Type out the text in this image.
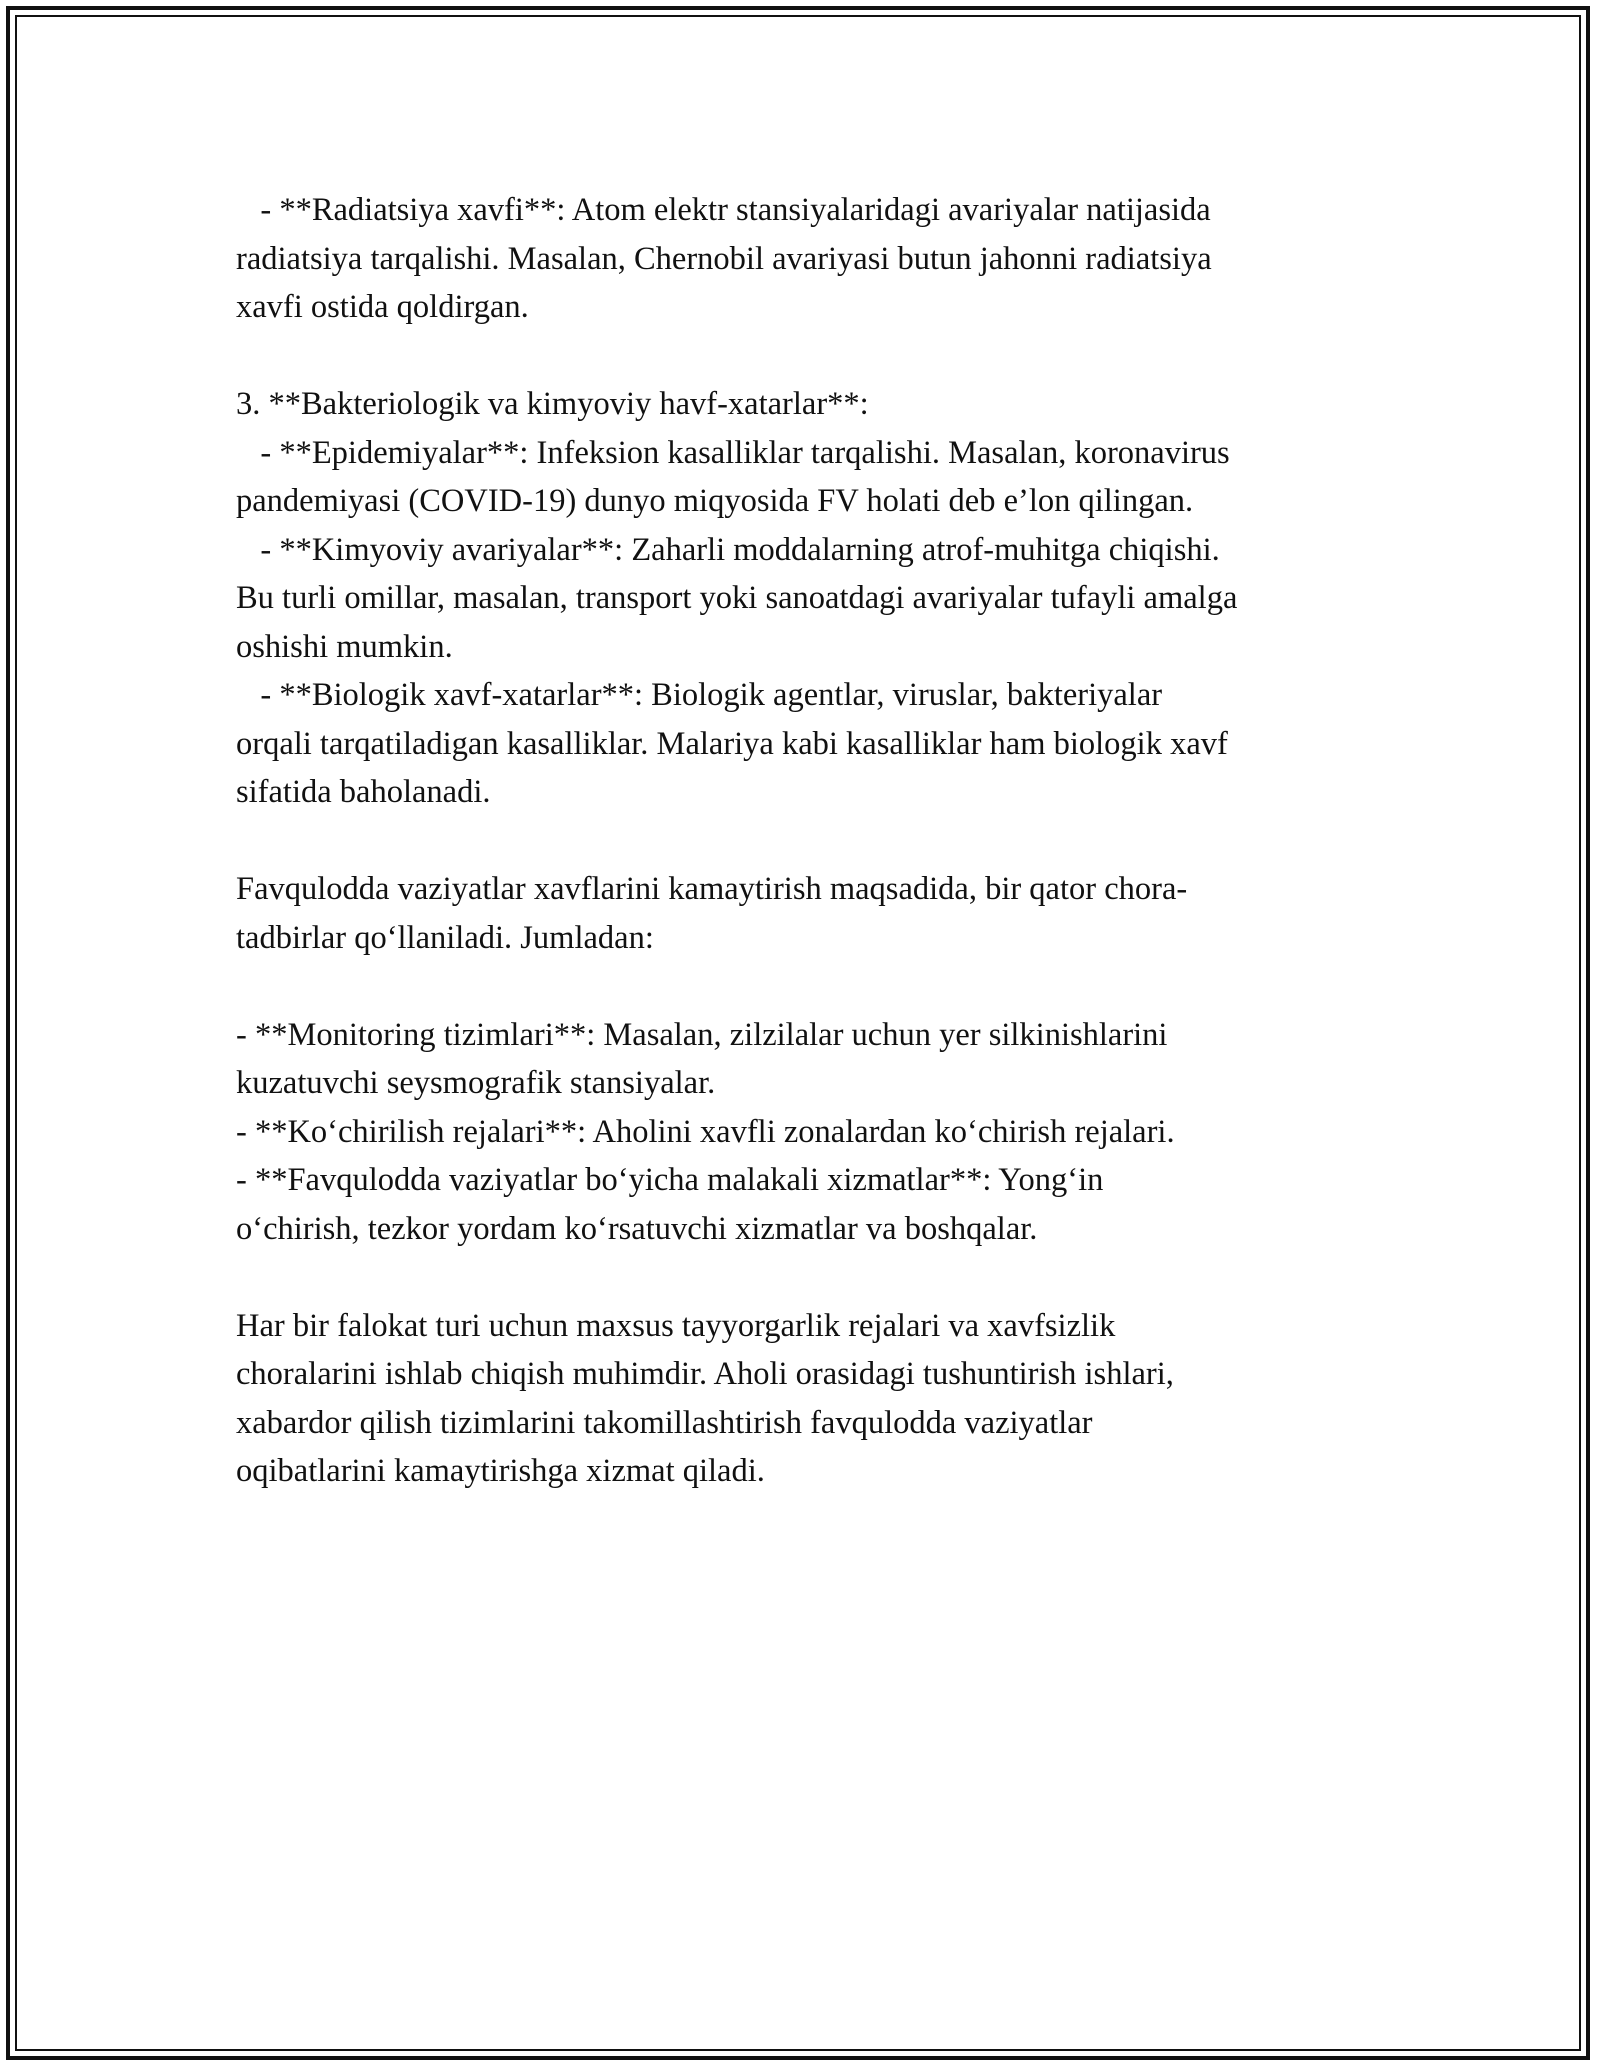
- **Radiatsiya xavfi**: Atom elektr stansiyalaridagi avariyalar natijasida

radiatsiya tarqalishi. Masalan, Chernobil avariyasi butun jahonni radiatsiya

xavfi ostida qoldirgan.

3. **Bakteriologik va kimyoviy havf-xatarlar**:

- **Epidemiyalar**: Infeksion kasalliklar tarqalishi. Masalan, koronavirus

pandemiyasi (COVID-19) dunyo miqyosida FV holati deb e’lon qilingan.

- **Kimyoviy avariyalar**: Zaharli moddalarning atrof-muhitga chiqishi.

Bu turli omillar, masalan, transport yoki sanoatdagi avariyalar tufayli amalga

oshishi mumkin.

- **Biologik xavf-xatarlar**: Biologik agentlar, viruslar, bakteriyalar

orqali tarqatiladigan kasalliklar. Malariya kabi kasalliklar ham biologik xavf

sifatida baholanadi.

Favqulodda vaziyatlar xavflarini kamaytirish maqsadida, bir qator chora-

tadbirlar qo‘llaniladi. Jumladan:

- **Monitoring tizimlari**: Masalan, zilzilalar uchun yer silkinishlarini

kuzatuvchi seysmografik stansiyalar.

- **Ko‘chirilish rejalari**: Aholini xavfli zonalardan ko‘chirish rejalari.

- **Favqulodda vaziyatlar bo‘yicha malakali xizmatlar**: Yong‘in

o‘chirish, tezkor yordam ko‘rsatuvchi xizmatlar va boshqalar.

Har bir falokat turi uchun maxsus tayyorgarlik rejalari va xavfsizlik

choralarini ishlab chiqish muhimdir. Aholi orasidagi tushuntirish ishlari,

xabardor qilish tizimlarini takomillashtirish favqulodda vaziyatlar

oqibatlarini kamaytirishga xizmat qiladi.
